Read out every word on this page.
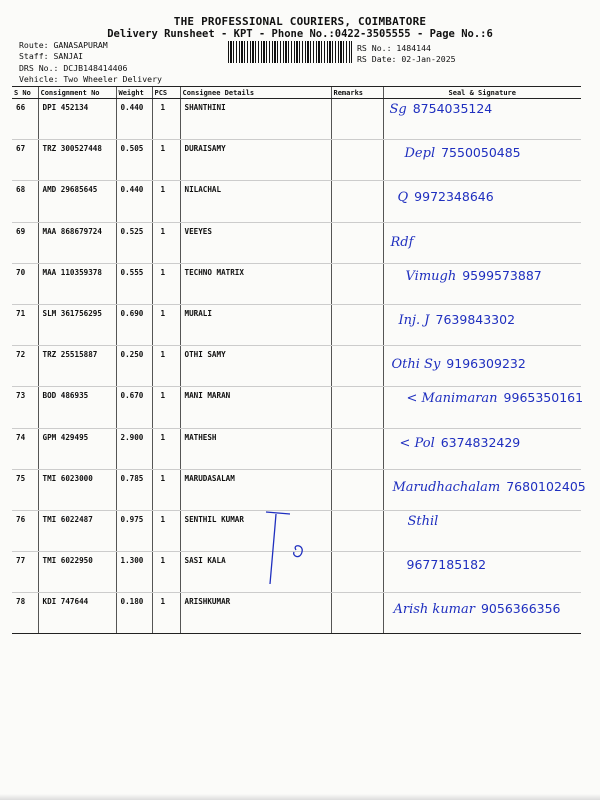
THE PROFESSIONAL COURIERS, COIMBATORE
Delivery Runsheet - KPT - Phone No.:0422-3505555 - Page No.:6
Route: GANASAPURAM
Staff: SANJAI
DRS No.: DCJB148414406
Vehicle: Two Wheeler Delivery
RS No.: 1484144
RS Date: 02-Jan-2025
S No	Consignment No	Weight	PCS	Consignee Details	Remarks	Seal & Signature
66	DPI 452134	0.440	1	SHANTHINI		Sg 8754035124

67	TRZ 300527448	0.505	1	DURAISAMY		Depl 7550050485

68	AMD 29685645	0.440	1	NILACHAL		Q 9972348646

69	MAA 868679724	0.525	1	VEEYES		Rdf

70	MAA 110359378	0.555	1	TECHNO MATRIX		Vimugh 9599573887

71	SLM 361756295	0.690	1	MURALI		Inj. J 7639843302

72	TRZ 25515887	0.250	1	OTHI SAMY		Othi Sy 9196309232

73	BOD 486935	0.670	1	MANI MARAN		< Manimaran 9965350161

74	GPM 429495	2.900	1	MATHESH		< Pol 6374832429

75	TMI 6023000	0.785	1	MARUDASALAM		Marudhachalam 7680102405

76	TMI 6022487	0.975	1	SENTHIL KUMAR		Sthil

77	TMI 6022950	1.300	1	SASI KALA		9677185182

78	KDI 747644	0.180	1	ARISHKUMAR		Arish kumar 9056366356
